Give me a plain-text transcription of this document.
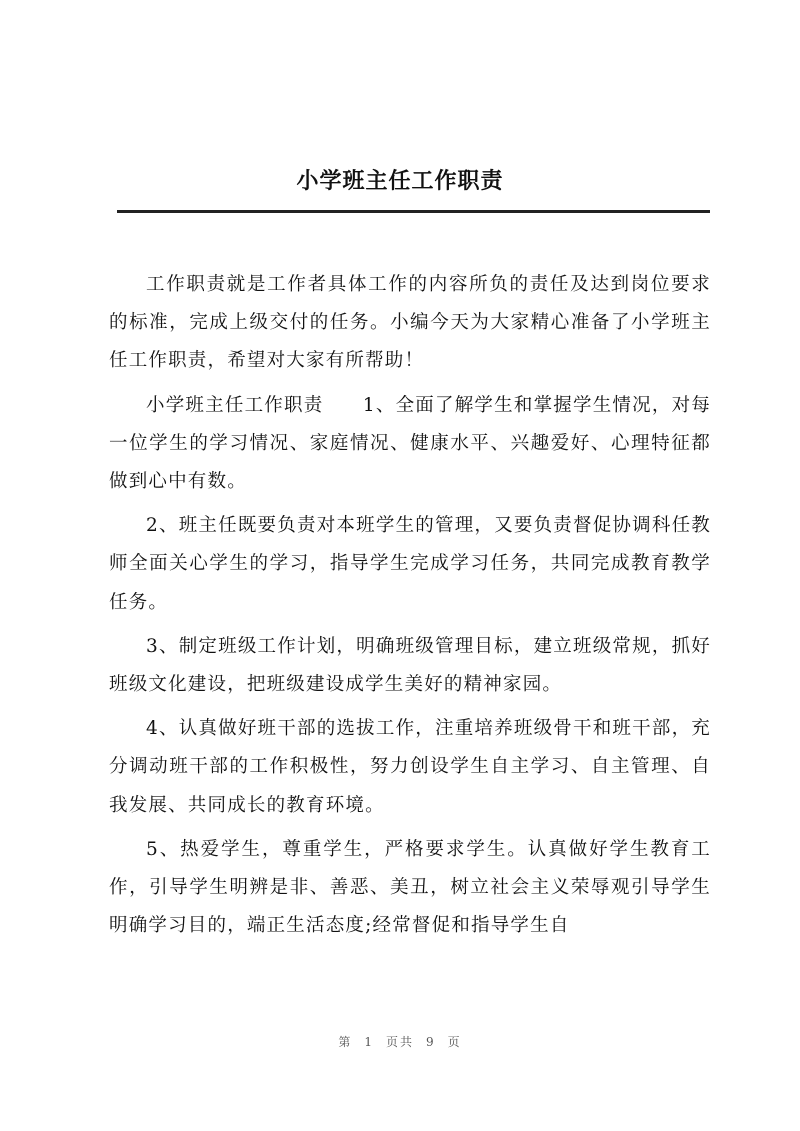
小学班主任工作职责

工作职责就是工作者具体工作的内容所负的责任及达到岗位要求的标准，完成上级交付的任务。小编今天为大家精心准备了小学班主任工作职责，希望对大家有所帮助！

小学班主任工作职责　　1、全面了解学生和掌握学生情况，对每一位学生的学习情况、家庭情况、健康水平、兴趣爱好、心理特征都做到心中有数。

2、班主任既要负责对本班学生的管理，又要负责督促协调科任教师全面关心学生的学习，指导学生完成学习任务，共同完成教育教学任务。

3、制定班级工作计划，明确班级管理目标，建立班级常规，抓好班级文化建设，把班级建设成学生美好的精神家园。

4、认真做好班干部的选拔工作，注重培养班级骨干和班干部，充分调动班干部的工作积极性，努力创设学生自主学习、自主管理、自我发展、共同成长的教育环境。

5、热爱学生，尊重学生，严格要求学生。认真做好学生教育工作，引导学生明辨是非、善恶、美丑，树立社会主义荣辱观引导学生明确学习目的，端正生活态度;经常督促和指导学生自

第 1 页共 9 页
